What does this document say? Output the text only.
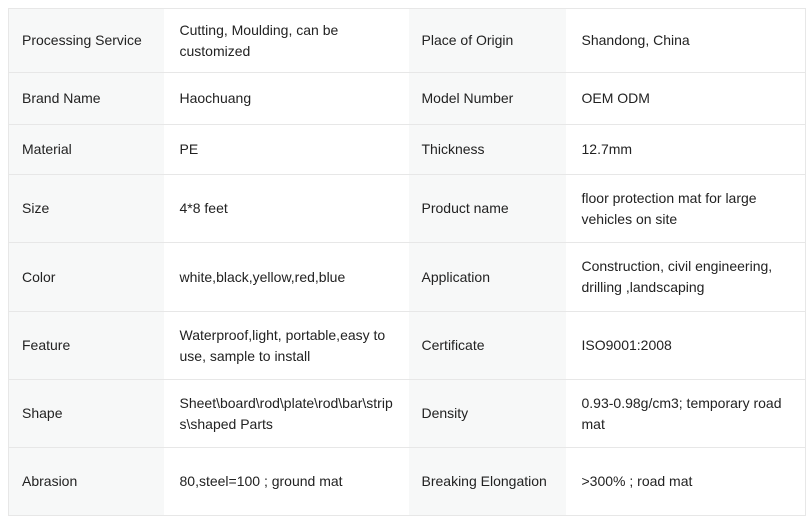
Processing Service	Cutting, Moulding, can be customized	Place of Origin	Shandong, China
Brand Name	Haochuang	Model Number	OEM ODM
Material	PE	Thickness	12.7mm
Size	4*8 feet	Product name	floor protection mat for large vehicles on site
Color	white,black,yellow,red,blue	Application	Construction, civil engineering, drilling ,landscaping
Feature	Waterproof,light, portable,easy to use, sample to install	Certificate	ISO9001:2008
Shape	Sheet\board\rod\plate\rod\bar\strips\shaped Parts	Density	0.93-0.98g/cm3; temporary road mat
Abrasion	80,steel=100 ; ground mat	Breaking Elongation	>300% ; road mat
